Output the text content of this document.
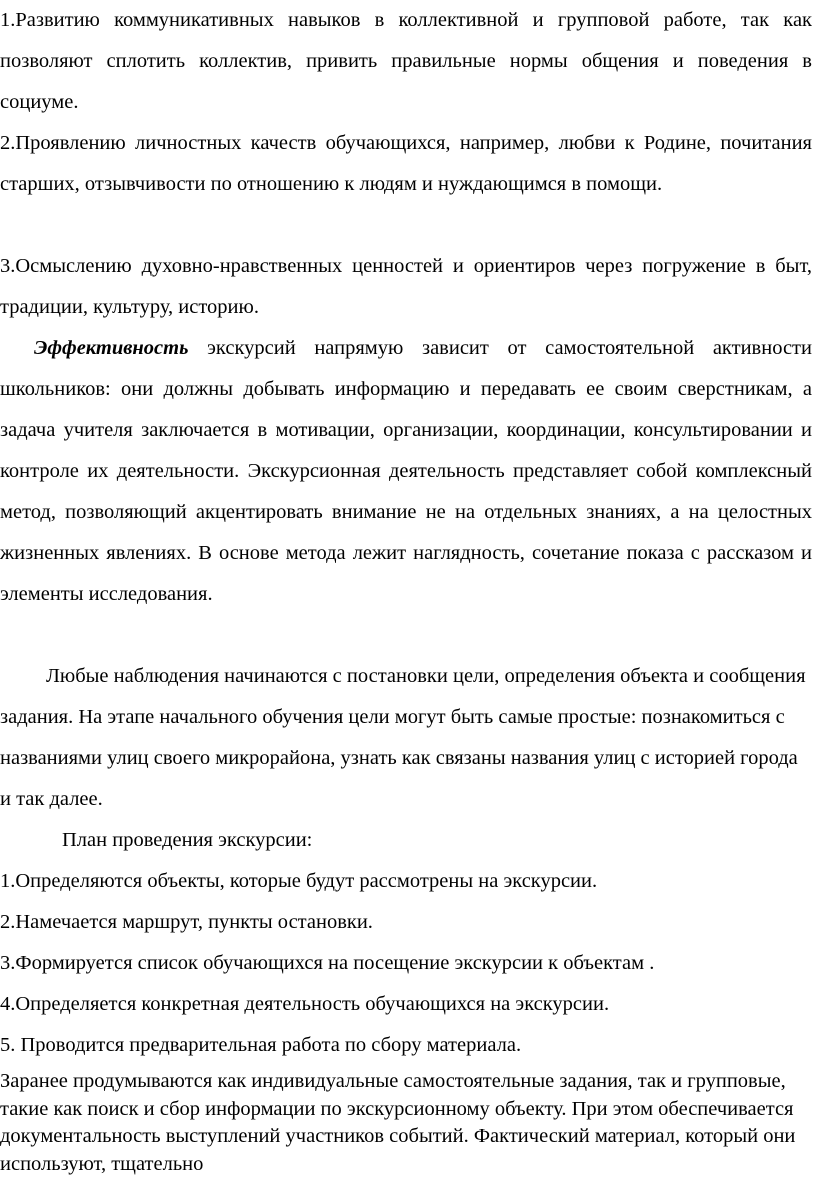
1.Развитию коммуникативных навыков в коллективной и групповой работе, так как позволяют сплотить коллектив, привить правильные нормы общения и поведения в социуме.

2.Проявлению личностных качеств обучающихся, например, любви к Родине, почитания старших, отзывчивости по отношению к людям и нуждающимся в помощи.

3.Осмыслению духовно-нравственных ценностей и ориентиров через погружение в быт, традиции, культуру, историю.

Эффективность экскурсий напрямую зависит от самостоятельной активности школьников: они должны добывать информацию и передавать ее своим сверстникам, а задача учителя заключается в мотивации, организации, координации, консультировании и контроле их деятельности. Экскурсионная деятельность представляет собой комплексный метод, позволяющий акцентировать внимание не на отдельных знаниях, а на целостных жизненных явлениях. В основе метода лежит наглядность, сочетание показа с рассказом и элементы исследования.

Любые наблюдения начинаются с постановки цели, определения объекта и сообщения задания. На этапе начального обучения цели могут быть самые простые: познакомиться с названиями улиц своего микрорайона, узнать как связаны названия улиц с историей города и так далее.

План проведения экскурсии:

1.Определяются объекты, которые будут рассмотрены на экскурсии.

2.Намечается маршрут, пункты остановки.

3.Формируется список обучающихся на посещение экскурсии к объектам .

4.Определяется конкретная деятельность обучающихся на экскурсии.

5. Проводится предварительная работа по сбору материала.

Заранее продумываются как индивидуальные самостоятельные задания, так и групповые, такие как поиск и сбор информации по экскурсионному объекту. При этом обеспечивается документальность выступлений участников событий. Фактический материал, который они используют, тщательно
